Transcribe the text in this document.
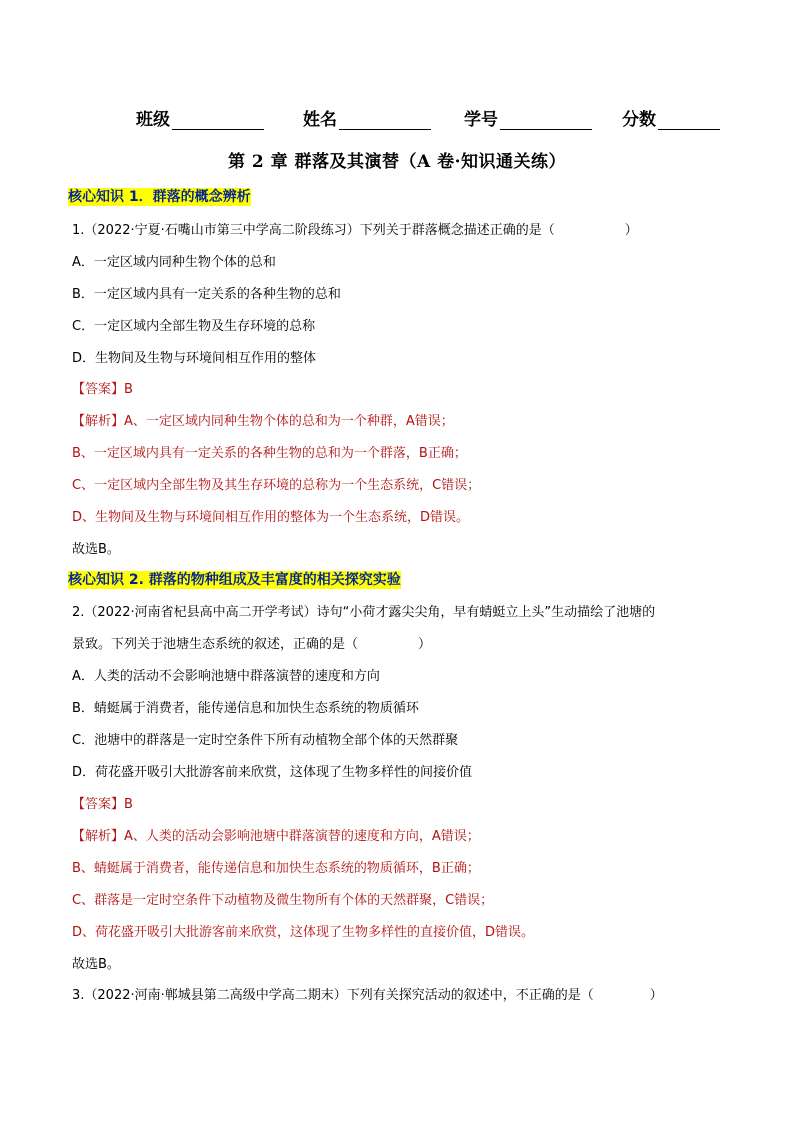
班级	姓名	学号	分数
第 2 章 群落及其演替（A 卷·知识通关练）
核心知识 1．群落的概念辨析
1.（2022·宁夏·石嘴山市第三中学高二阶段练习）下列关于群落概念描述正确的是（	）
A．一定区域内同种生物个体的总和
B．一定区域内具有一定关系的各种生物的总和
C．一定区域内全部生物及生存环境的总称
D．生物间及生物与环境间相互作用的整体
【答案】B
【解析】A、一定区域内同种生物个体的总和为一个种群，A错误；
B、一定区域内具有一定关系的各种生物的总和为一个群落，B正确；
C、一定区域内全部生物及其生存环境的总称为一个生态系统，C错误；
D、生物间及生物与环境间相互作用的整体为一个生态系统，D错误。
故选B。
核心知识 2. 群落的物种组成及丰富度的相关探究实验
2.（2022·河南省杞县高中高二开学考试）诗句“小荷才露尖尖角，早有蜻蜓立上头”生动描绘了池塘的
景致。下列关于池塘生态系统的叙述，正确的是（	）
A．人类的活动不会影响池塘中群落演替的速度和方向
B．蜻蜓属于消费者，能传递信息和加快生态系统的物质循环
C．池塘中的群落是一定时空条件下所有动植物全部个体的天然群聚
D．荷花盛开吸引大批游客前来欣赏，这体现了生物多样性的间接价值
【答案】B
【解析】A、人类的活动会影响池塘中群落演替的速度和方向，A错误；
B、蜻蜓属于消费者，能传递信息和加快生态系统的物质循环，B正确；
C、群落是一定时空条件下动植物及微生物所有个体的天然群聚，C错误；
D、荷花盛开吸引大批游客前来欣赏，这体现了生物多样性的直接价值，D错误。
故选B。
3.（2022·河南·郸城县第二高级中学高二期末）下列有关探究活动的叙述中，不正确的是（	）
